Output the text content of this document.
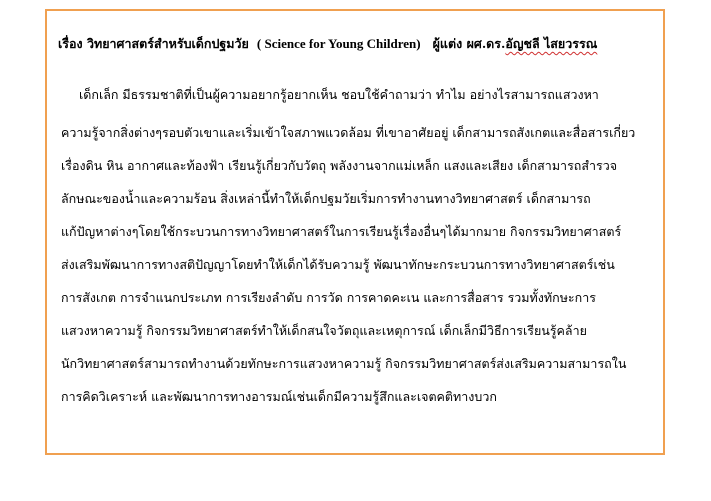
เรื่อง วิทยาศาสตร์สำหรับเด็กปฐมวัย ( Science for Young Children) ผู้แต่ง ผศ.ดร.อัญชลี ไสยวรรณ
เด็กเล็ก มีธรรมชาติที่เป็นผู้ความอยากรู้อยากเห็น ชอบใช้คำถามว่า ทำไม อย่างไรสามารถแสวงหา
ความรู้จากสิ่งต่างๆรอบตัวเขาและเริ่มเข้าใจสภาพแวดล้อม ที่เขาอาศัยอยู่ เด็กสามารถสังเกตและสื่อสารเกี่ยว
เรื่องดิน หิน อากาศและท้องฟ้า เรียนรู้เกี่ยวกับวัตถุ พลังงานจากแม่เหล็ก แสงและเสียง เด็กสามารถสำรวจ
ลักษณะของน้ำและความร้อน สิ่งเหล่านี้ทำให้เด็กปฐมวัยเริ่มการทำงานทางวิทยาศาสตร์ เด็กสามารถ
แก้ปัญหาต่างๆโดยใช้กระบวนการทางวิทยาศาสตร์ในการเรียนรู้เรื่องอื่นๆได้มากมาย กิจกรรมวิทยาศาสตร์
ส่งเสริมพัฒนาการทางสติปัญญาโดยทำให้เด็กได้รับความรู้ พัฒนาทักษะกระบวนการทางวิทยาศาสตร์เช่น
การสังเกต การจำแนกประเภท การเรียงลำดับ การวัด การคาดคะเน และการสื่อสาร รวมทั้งทักษะการ
แสวงหาความรู้ กิจกรรมวิทยาศาสตร์ทำให้เด็กสนใจวัตถุและเหตุการณ์ เด็กเล็กมีวิธีการเรียนรู้คล้าย
นักวิทยาศาสตร์สามารถทำงานด้วยทักษะการแสวงหาความรู้ กิจกรรมวิทยาศาสตร์ส่งเสริมความสามารถใน
การคิดวิเคราะห์ และพัฒนาการทางอารมณ์เช่นเด็กมีความรู้สึกและเจตคติทางบวก
